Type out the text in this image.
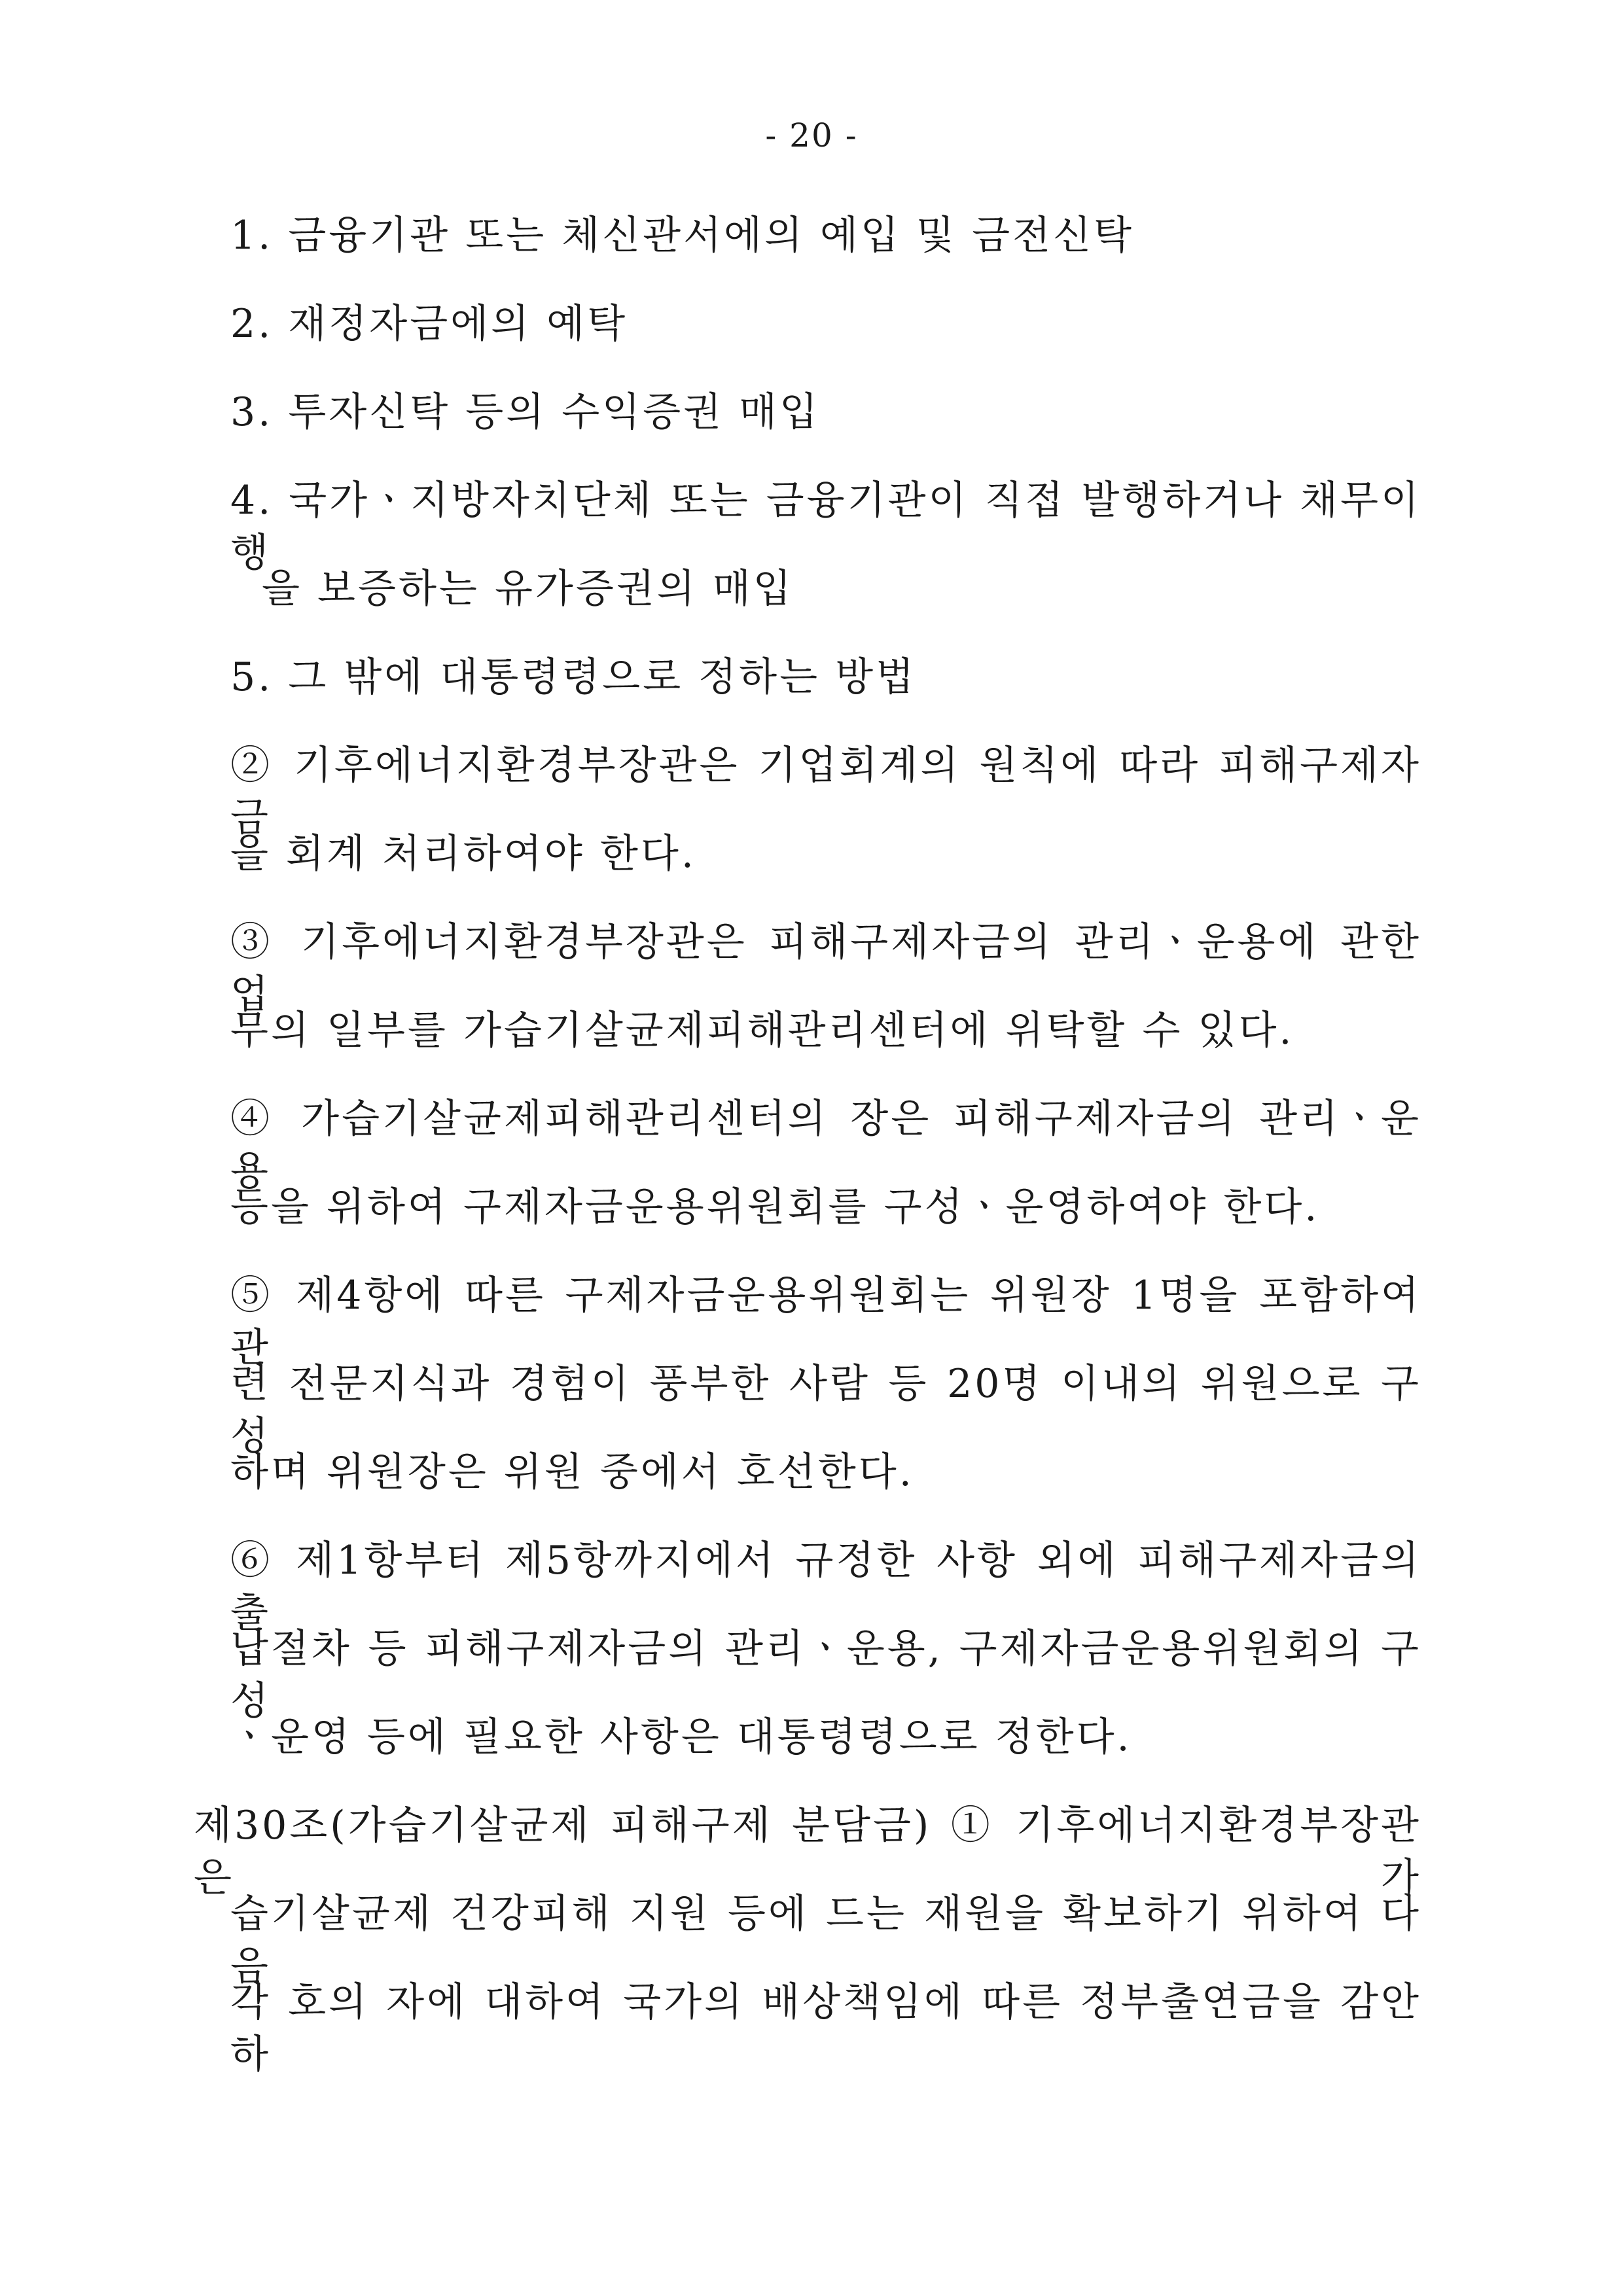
- 20 -
1. 금융기관 또는 체신관서에의 예입 및 금전신탁
2. 재정자금에의 예탁
3. 투자신탁 등의 수익증권 매입
4. 국가ㆍ지방자치단체 또는 금융기관이 직접 발행하거나 채무이행
을 보증하는 유가증권의 매입
5. 그 밖에 대통령령으로 정하는 방법
② 기후에너지환경부장관은 기업회계의 원칙에 따라 피해구제자금
을 회계 처리하여야 한다.
③ 기후에너지환경부장관은 피해구제자금의 관리ㆍ운용에 관한 업
무의 일부를 가습기살균제피해관리센터에 위탁할 수 있다.
④ 가습기살균제피해관리센터의 장은 피해구제자금의 관리ㆍ운용
등을 위하여 구제자금운용위원회를 구성ㆍ운영하여야 한다.
⑤ 제4항에 따른 구제자금운용위원회는 위원장 1명을 포함하여 관
련 전문지식과 경험이 풍부한 사람 등 20명 이내의 위원으로 구성
하며 위원장은 위원 중에서 호선한다.
⑥ 제1항부터 제5항까지에서 규정한 사항 외에 피해구제자금의 출
납절차 등 피해구제자금의 관리ㆍ운용, 구제자금운용위원회의 구성
ㆍ운영 등에 필요한 사항은 대통령령으로 정한다.
제30조(가습기살균제 피해구제 분담금) ① 기후에너지환경부장관은 가
습기살균제 건강피해 지원 등에 드는 재원을 확보하기 위하여 다음
각 호의 자에 대하여 국가의 배상책임에 따른 정부출연금을 감안하
